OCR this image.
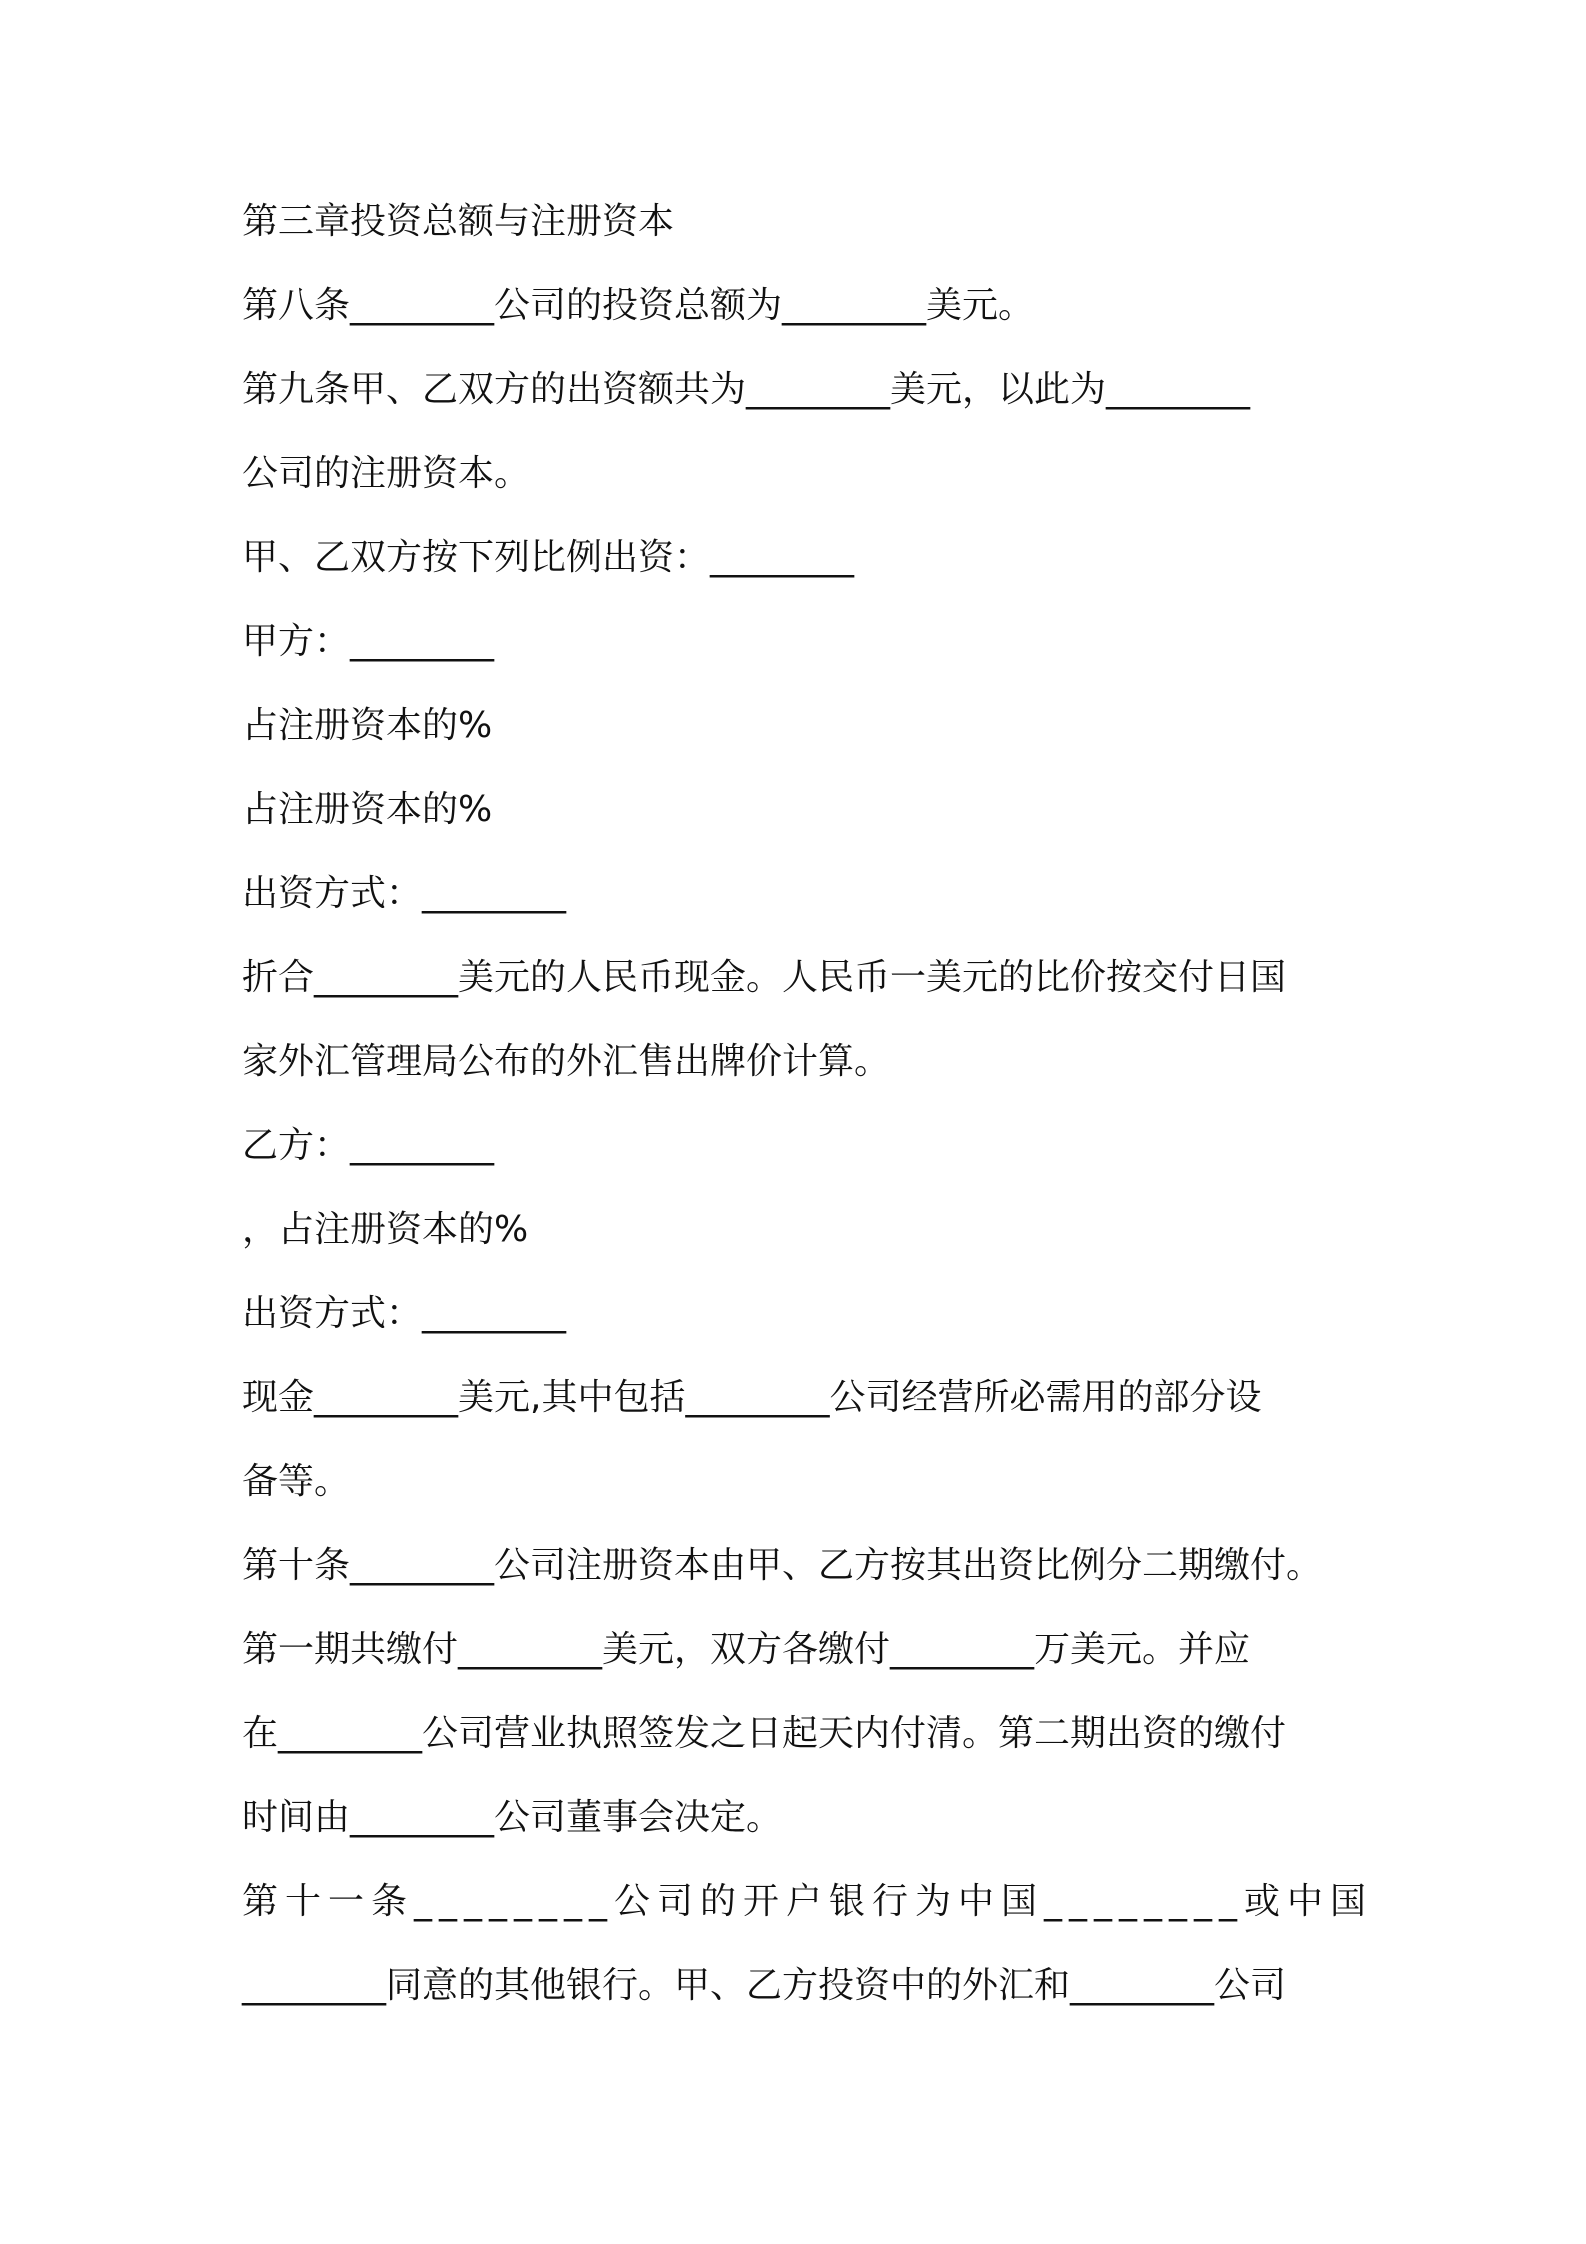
第三章投资总额与注册资本
第八条________公司的投资总额为________美元。
第九条甲、乙双方的出资额共为________美元，以此为________
公司的注册资本。
甲、乙双方按下列比例出资：________
甲方：________
占注册资本的%
占注册资本的%
出资方式：________
折合________美元的人民币现金。人民币一美元的比价按交付日国
家外汇管理局公布的外汇售出牌价计算。
乙方：________
，占注册资本的%
出资方式：________
现金________美元,其中包括________公司经营所必需用的部分设
备等。
第十条________公司注册资本由甲、乙方按其出资比例分二期缴付。
第一期共缴付________美元，双方各缴付________万美元。并应
在________公司营业执照签发之日起天内付清。第二期出资的缴付
时间由________公司董事会决定。
第十一条________公司的开户银行为中国________或中国
________同意的其他银行。甲、乙方投资中的外汇和________公司
